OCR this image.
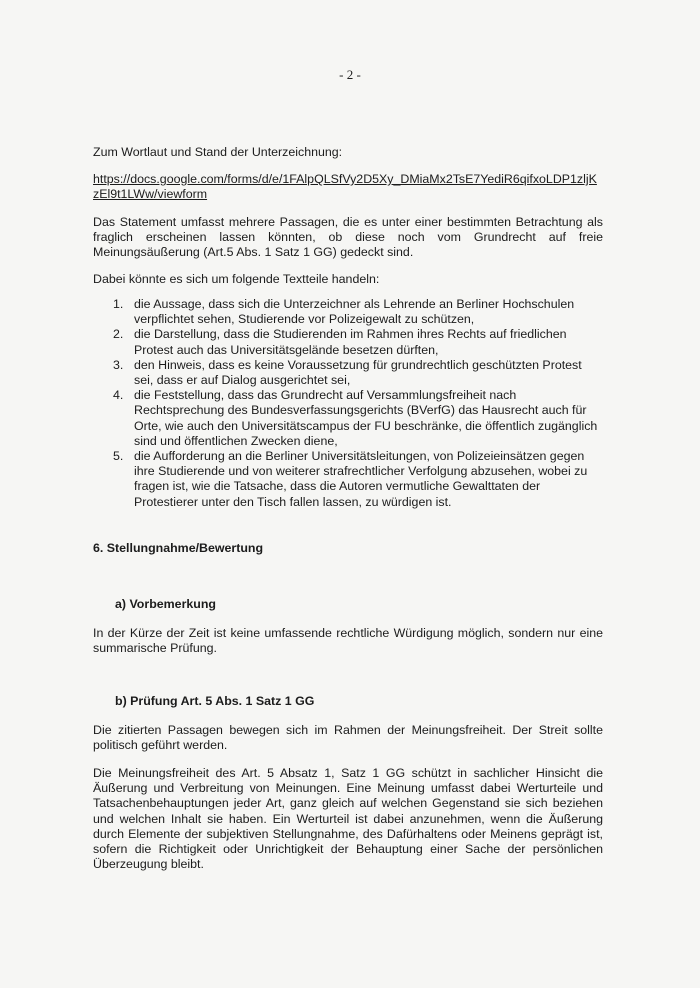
- 2 -
Zum Wortlaut und Stand der Unterzeichnung:
https://docs.google.com/forms/d/e/1FAlpQLSfVy2D5Xy_DMiaMx2TsE7YediR6qifxoLDP1zljKzEl9t1LWw/viewform
Das Statement umfasst mehrere Passagen, die es unter einer bestimmten Betrachtung als fraglich erscheinen lassen könnten, ob diese noch vom Grundrecht auf freie Meinungsäußerung (Art.5 Abs. 1 Satz 1 GG) gedeckt sind.
Dabei könnte es sich um folgende Textteile handeln:
1. die Aussage, dass sich die Unterzeichner als Lehrende an Berliner Hochschulen verpflichtet sehen, Studierende vor Polizeigewalt zu schützen,
2. die Darstellung, dass die Studierenden im Rahmen ihres Rechts auf friedlichen Protest auch das Universitätsgelände besetzen dürften,
3. den Hinweis, dass es keine Voraussetzung für grundrechtlich geschützten Protest sei, dass er auf Dialog ausgerichtet sei,
4. die Feststellung, dass das Grundrecht auf Versammlungsfreiheit nach Rechtsprechung des Bundesverfassungsgerichts (BVerfG) das Hausrecht auch für Orte, wie auch den Universitätscampus der FU beschränke, die öffentlich zugänglich sind und öffentlichen Zwecken diene,
5. die Aufforderung an die Berliner Universitätsleitungen, von Polizeieinsätzen gegen ihre Studierende und von weiterer strafrechtlicher Verfolgung abzusehen, wobei zu fragen ist, wie die Tatsache, dass die Autoren vermutliche Gewalttaten der Protestierer unter den Tisch fallen lassen, zu würdigen ist.
6. Stellungnahme/Bewertung
a) Vorbemerkung
In der Kürze der Zeit ist keine umfassende rechtliche Würdigung möglich, sondern nur eine summarische Prüfung.
b) Prüfung Art. 5 Abs. 1 Satz 1 GG
Die zitierten Passagen bewegen sich im Rahmen der Meinungsfreiheit. Der Streit sollte politisch geführt werden.
Die Meinungsfreiheit des Art. 5 Absatz 1, Satz 1 GG schützt in sachlicher Hinsicht die Äußerung und Verbreitung von Meinungen. Eine Meinung umfasst dabei Werturteile und Tatsachenbehauptungen jeder Art, ganz gleich auf welchen Gegenstand sie sich beziehen und welchen Inhalt sie haben. Ein Werturteil ist dabei anzunehmen, wenn die Äußerung durch Elemente der subjektiven Stellungnahme, des Dafürhaltens oder Meinens geprägt ist, sofern die Richtigkeit oder Unrichtigkeit der Behauptung einer Sache der persönlichen Überzeugung bleibt.
